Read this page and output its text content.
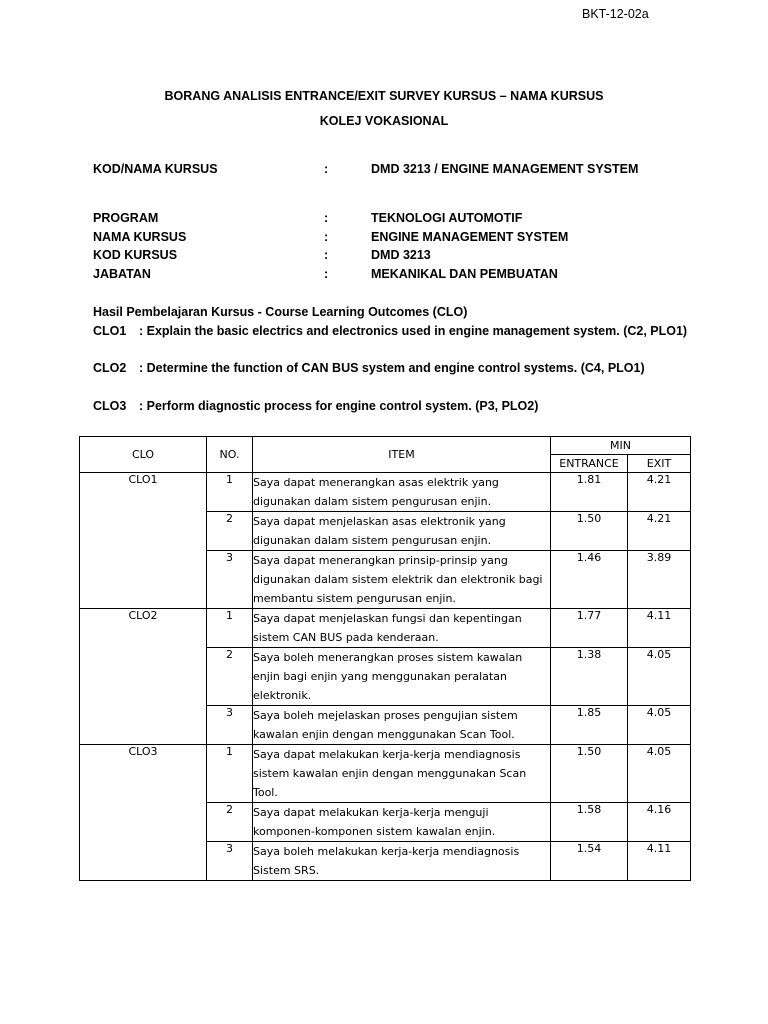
BKT-12-02a
BORANG ANALISIS ENTRANCE/EXIT SURVEY KURSUS – NAMA KURSUS
KOLEJ VOKASIONAL
KOD/NAMA KURSUS	:	DMD 3213 / ENGINE MANAGEMENT SYSTEM
PROGRAM	:	TEKNOLOGI AUTOMOTIF
NAMA KURSUS	:	ENGINE MANAGEMENT SYSTEM
KOD KURSUS	:	DMD 3213
JABATAN	:	MEKANIKAL DAN PEMBUATAN
Hasil Pembelajaran Kursus - Course Learning Outcomes (CLO)
CLO1 : Explain the basic electrics and electronics used in engine management system. (C2, PLO1)
CLO2 : Determine the function of CAN BUS system and engine control systems. (C4, PLO1)
CLO3 : Perform diagnostic process for engine control system. (P3, PLO2)
CLO	NO.	ITEM	MIN	
			ENTRANCE	EXIT
CLO1	1	Saya dapat menerangkan asas elektrik yang digunakan dalam sistem pengurusan enjin.	1.81	4.21
	2	Saya dapat menjelaskan asas elektronik yang digunakan dalam sistem pengurusan enjin.	1.50	4.21
	3	Saya dapat menerangkan prinsip-prinsip yang digunakan dalam sistem elektrik dan elektronik bagi membantu sistem pengurusan enjin.	1.46	3.89
CLO2	1	Saya dapat menjelaskan fungsi dan kepentingan sistem CAN BUS pada kenderaan.	1.77	4.11
	2	Saya boleh menerangkan proses sistem kawalan enjin bagi enjin yang menggunakan peralatan elektronik.	1.38	4.05
	3	Saya boleh mejelaskan proses pengujian sistem kawalan enjin dengan menggunakan Scan Tool.	1.85	4.05
CLO3	1	Saya dapat melakukan kerja-kerja mendiagnosis sistem kawalan enjin dengan menggunakan Scan Tool.	1.50	4.05
	2	Saya dapat melakukan kerja-kerja menguji komponen-komponen sistem kawalan enjin.	1.58	4.16
	3	Saya boleh melakukan kerja-kerja mendiagnosis Sistem SRS.	1.54	4.11
